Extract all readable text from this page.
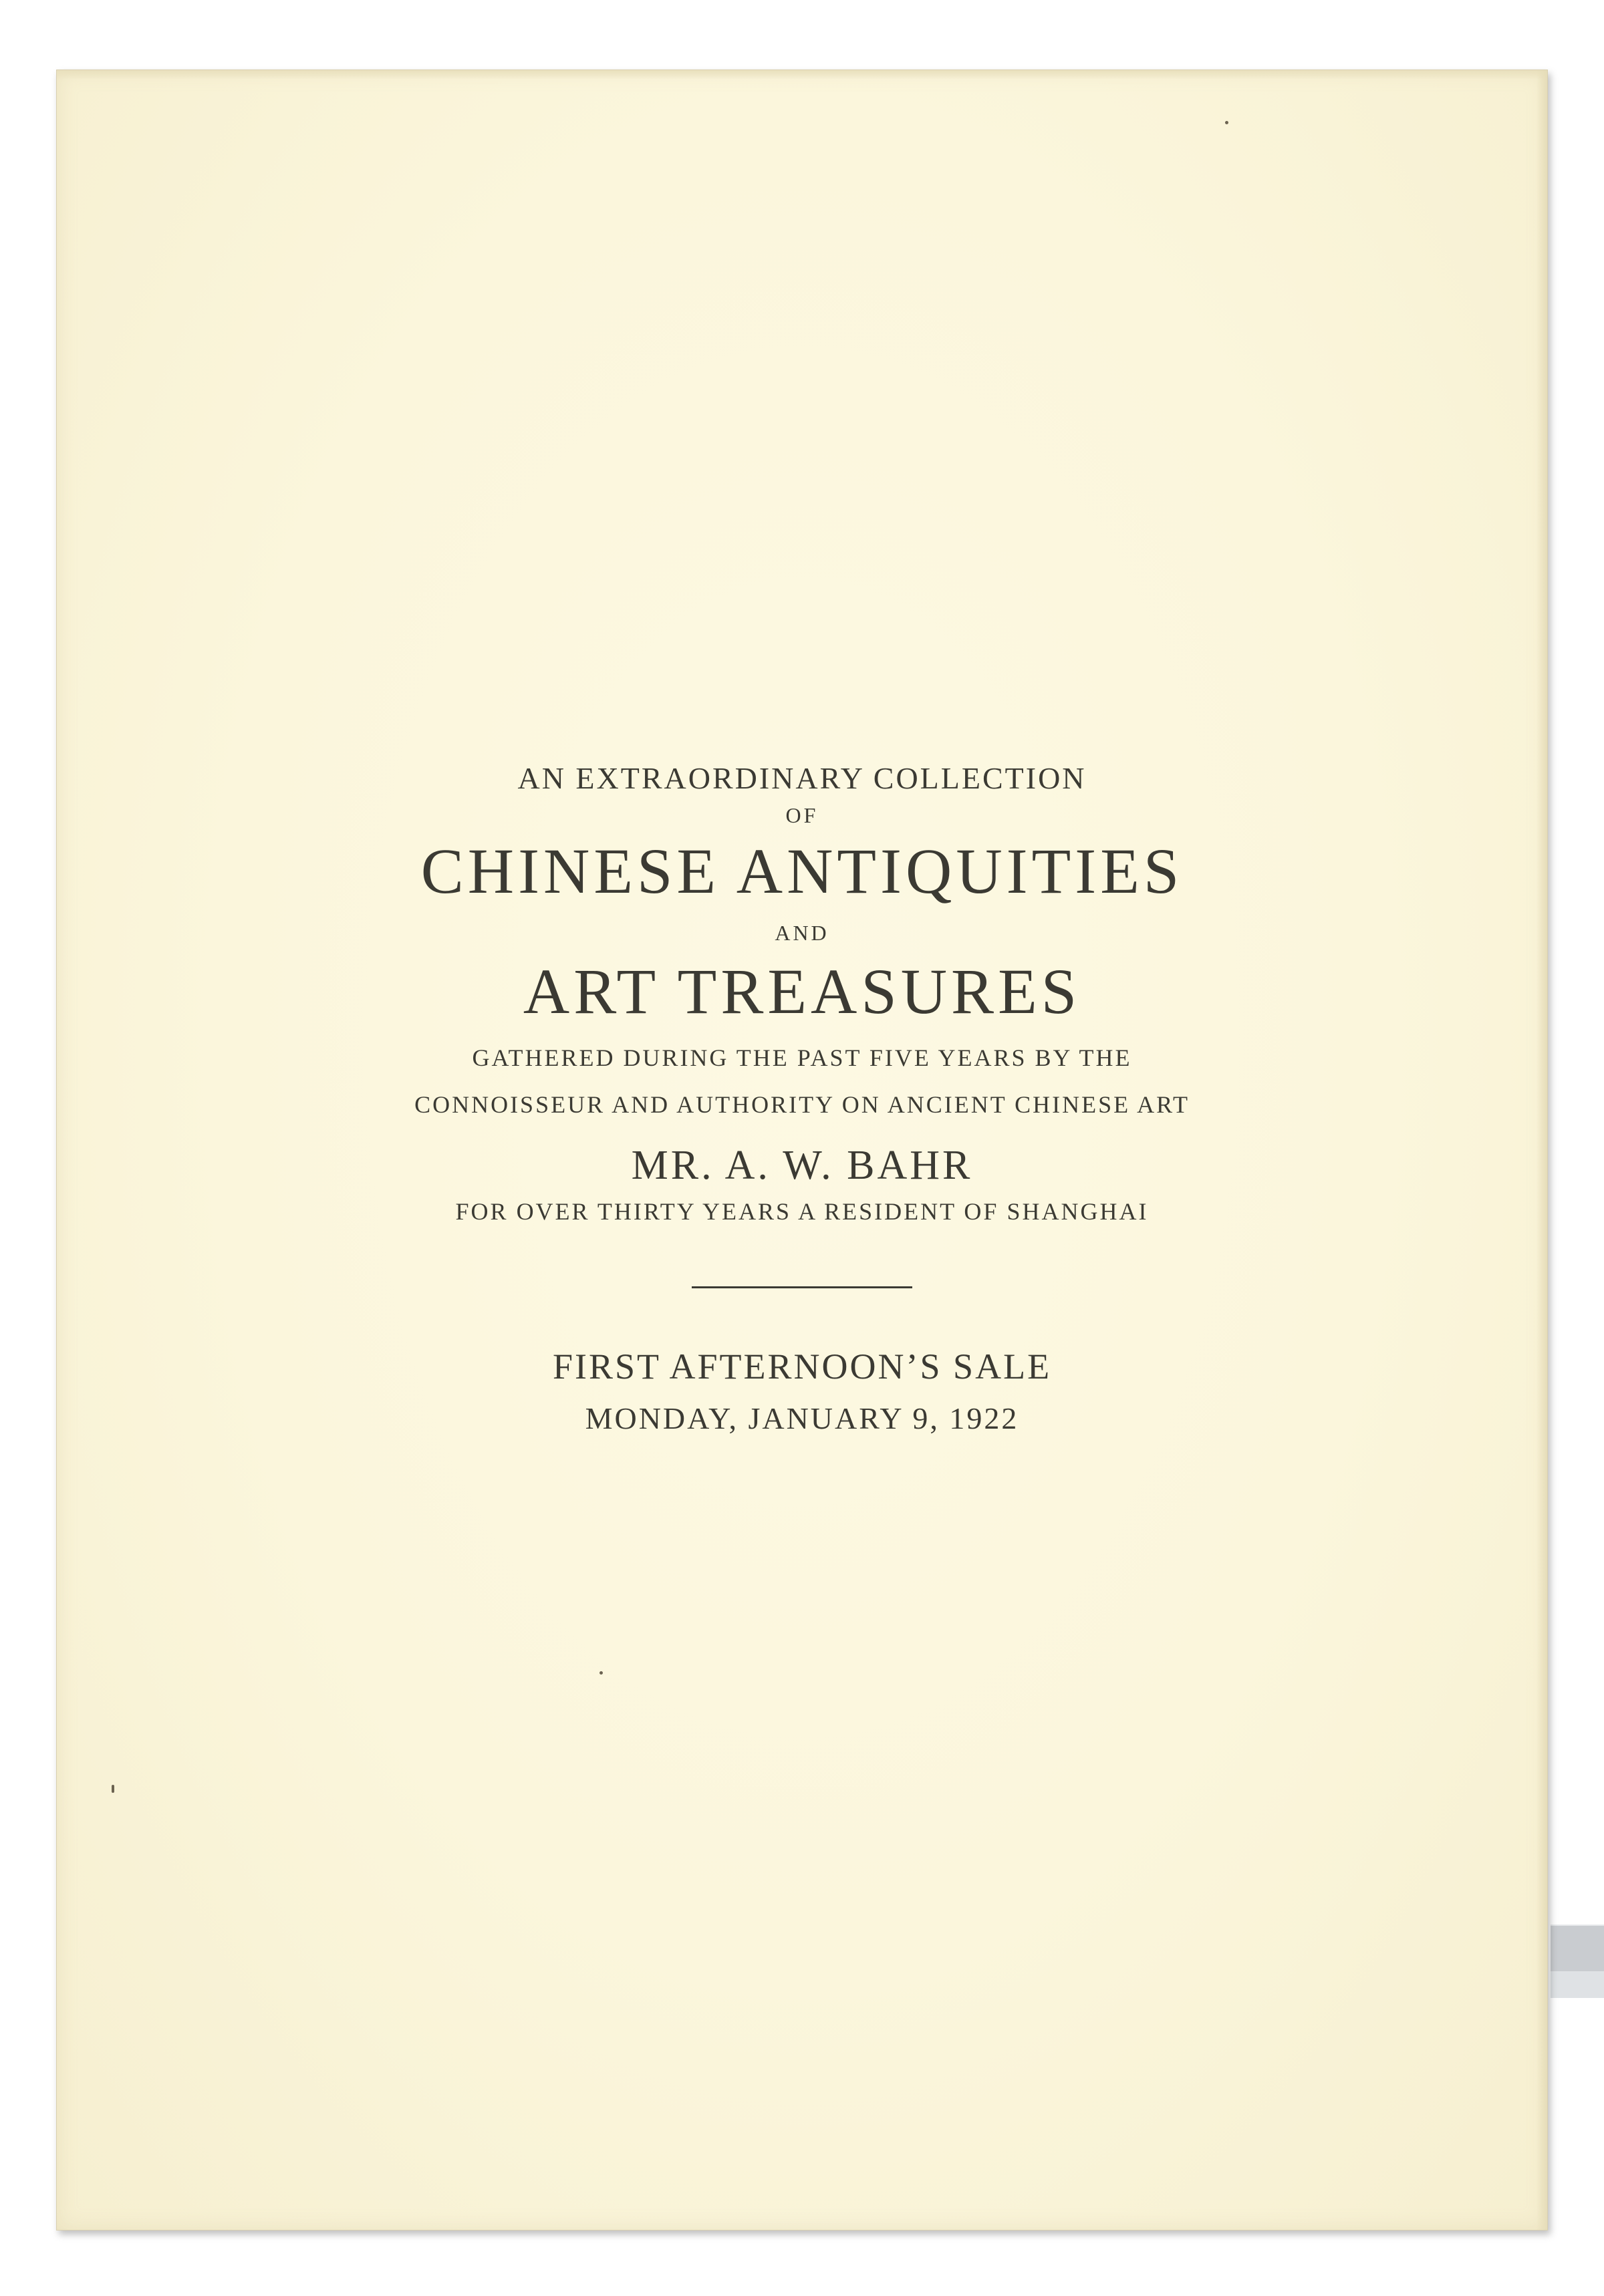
AN EXTRAORDINARY COLLECTION
OF
CHINESE ANTIQUITIES
AND
ART TREASURES
GATHERED DURING THE PAST FIVE YEARS BY THE
CONNOISSEUR AND AUTHORITY ON ANCIENT CHINESE ART
MR. A. W. BAHR
FOR OVER THIRTY YEARS A RESIDENT OF SHANGHAI
FIRST AFTERNOON’S SALE
MONDAY, JANUARY 9, 1922
